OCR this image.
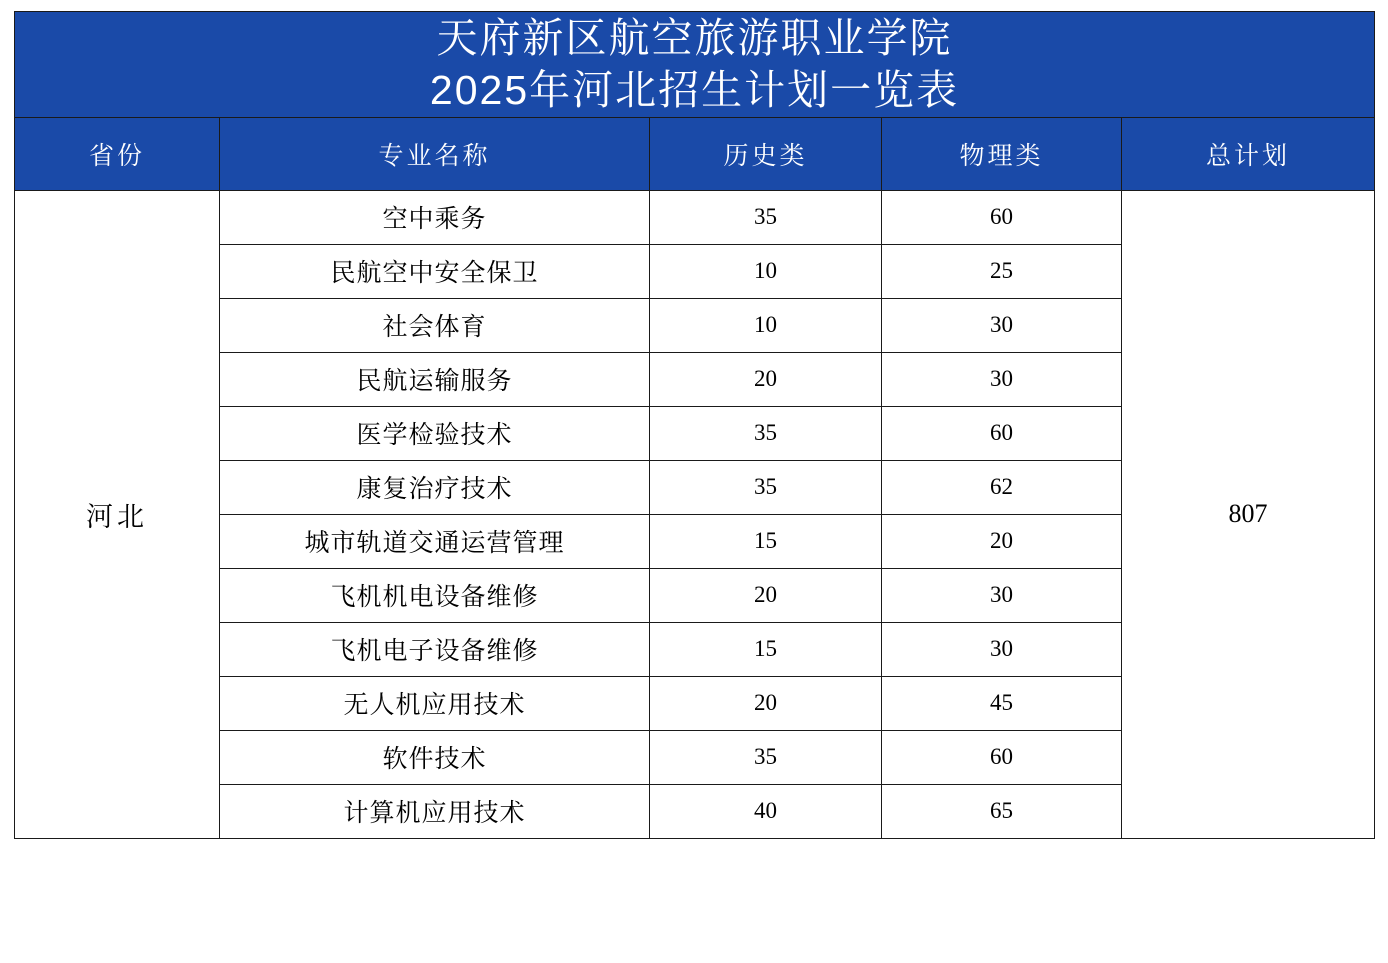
天府新区航空旅游职业学院
2025年河北招生计划一览表				

省份	专业名称	历史类	物理类	总计划
河北	空中乘务	35	60	807
	民航空中安全保卫	10	25	
	社会体育	10	30	
	民航运输服务	20	30	
	医学检验技术	35	60	
	康复治疗技术	35	62	
	城市轨道交通运营管理	15	20	
	飞机机电设备维修	20	30	
	飞机电子设备维修	15	30	
	无人机应用技术	20	45	
	软件技术	35	60	
	计算机应用技术	40	65	
